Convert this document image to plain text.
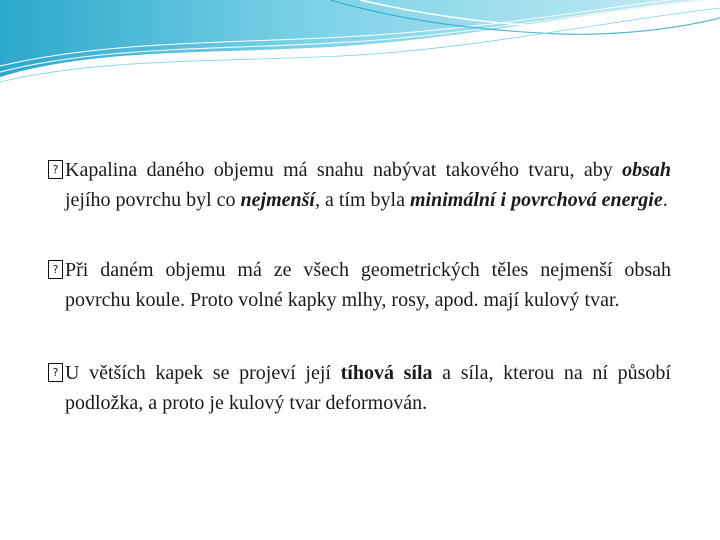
? Kapalina daného objemu má snahu nabývat takového tvaru, aby obsah jejího povrchu byl co nejmenší, a tím byla minimální i povrchová energie.

? Při daném objemu má ze všech geometrických těles nejmenší obsah povrchu koule. Proto volné kapky mlhy, rosy, apod. mají kulový tvar.

? U větších kapek se projeví její tíhová síla a síla, kterou na ní působí podložka, a proto je kulový tvar deformován.
